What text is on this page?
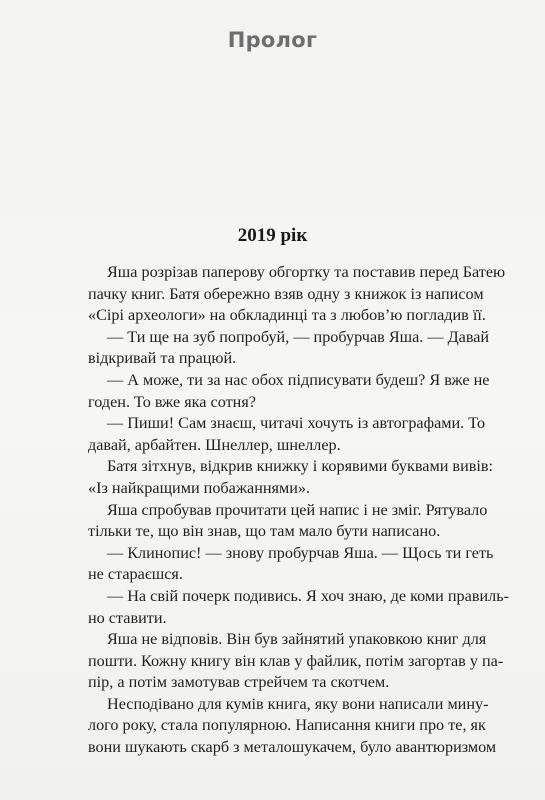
Пролог
2019 рік

Яша розрізав паперову обгортку та поставив перед Батею
пачку книг. Батя обережно взяв одну з книжок із написом
«Сірі археологи» на обкладинці та з любов’ю погладив її.

— Ти ще на зуб попробуй, — пробурчав Яша. — Давай
відкривай та працюй.

— А може, ти за нас обох підписувати будеш? Я вже не
годен. То вже яка сотня?

— Пиши! Сам знаєш, читачі хочуть із автографами. То
давай, арбайтен. Шнеллер, шнеллер.

Батя зітхнув, відкрив книжку і корявими буквами вивів:
«Із найкращими побажаннями».

Яша спробував прочитати цей напис і не зміг. Рятувало
тільки те, що він знав, що там мало бути написано.

— Клинопис! — знову пробурчав Яша. — Щось ти геть
не стараєшся.

— На свій почерк подивись. Я хоч знаю, де коми правиль-
но ставити.

Яша не відповів. Він був зайнятий упаковкою книг для
пошти. Кожну книгу він клав у файлик, потім загортав у па-
пір, а потім замотував стрейчем та скотчем.

Несподівано для кумів книга, яку вони написали мину-
лого року, стала популярною. Написання книги про те, як
вони шукають скарб з металошукачем, було авантюризмом
